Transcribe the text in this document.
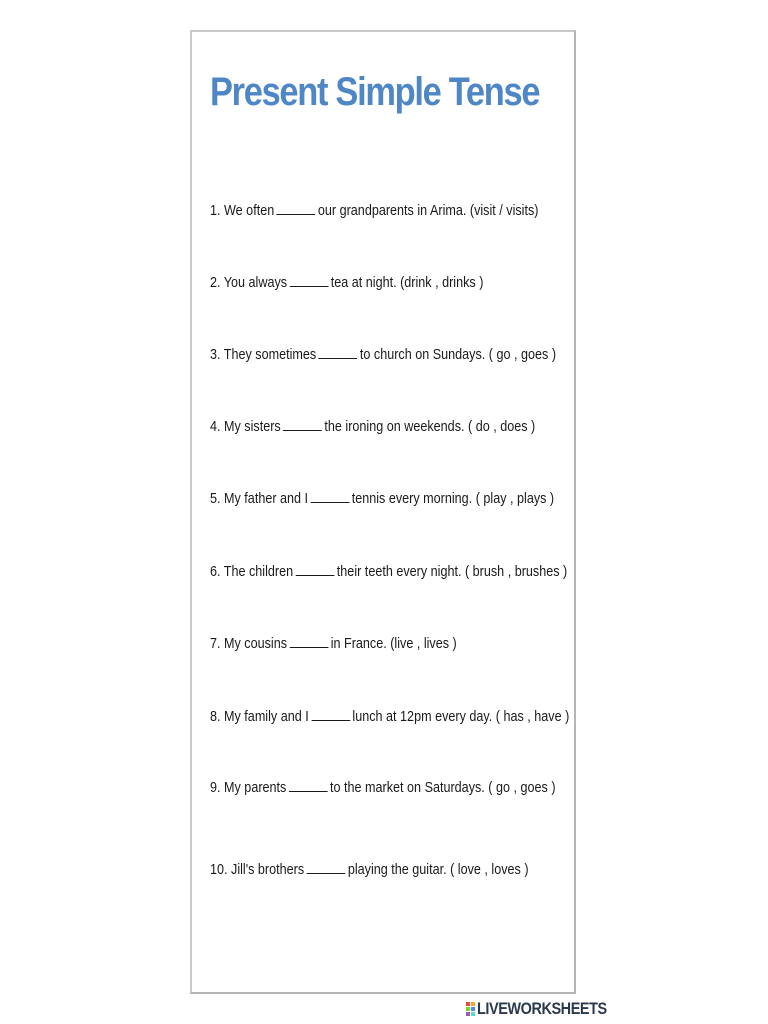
Present Simple Tense

1. We often	our grandparents in Arima. (visit / visits)

2. You always	tea at night. (drink , drinks )

3. They sometimes	to church on Sundays. ( go , goes )

4. My sisters	the ironing on weekends. ( do , does )

5. My father and I	tennis every morning. ( play , plays )

6. The children	their teeth every night. ( brush , brushes )

7. My cousins	in France. (live , lives )

8. My family and I	lunch at 12pm every day. ( has , have )

9. My parents	to the market on Saturdays. ( go , goes )

10. Jill's brothers	playing the guitar. ( love , loves )

LIVEWORKSHEETS
